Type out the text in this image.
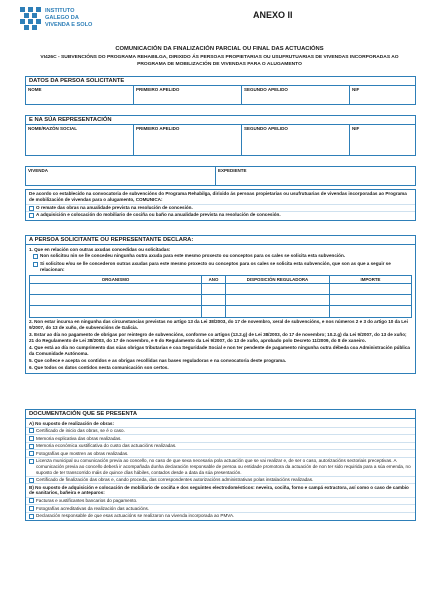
INSTITUTO
GALEGO DA
VIVENDA E SOLO
ANEXO II
COMUNICACIÓN DA FINALIZACIÓN PARCIAL OU FINAL DAS ACTUACIÓNS
VI426C - SUBVENCIÓNS DO PROGRAMA REHABILGA, DIRIXIDO ÁS PERSOAS PROPIETARIAS OU USUFRUTUARIAS DE VIVENDAS INCORPORADAS AO PROGRAMA DE MOBILIZACIÓN DE VIVENDAS PARA O ALUGAMENTO
DATOS DA PERSOA SOLICITANTE
NOME	PRIMEIRO APELIDO	SEGUNDO APELIDO	NIF
E NA SÚA REPRESENTACIÓN
NOME/RAZÓN SOCIAL	PRIMEIRO APELIDO	SEGUNDO APELIDO	NIF
VIVENDA	EXPEDIENTE
De acordo co establecido na convocatoria de subvencións do Programa Rehabilga, dirixido ás persoas propietarias ou usufrutuarias de vivendas incorporadas ao Programa de mobilización de vivendas para o alugamento, COMUNICA:
O remate das obras na anualidade prevista na resolución de concesión.
A adquisición e colocación do mobiliario de cociña ou baño na anualidade prevista na resolución de concesión.
A PERSOA SOLICITANTE OU REPRESENTANTE DECLARA:
1. Que en relación con outras axudas concedidas ou solicitadas:
Non solicitou nin se lle concedeu ningunha outra axuda para este mesmo proxecto ou conceptos para os cales se solicita esta subvención.
Si solicitou e/ou se lle concederon outras axudas para este mesmo proxecto ou conceptos para os cales se solicita esta subvención, que son as que a seguir se relacionan:
ORGANISMO	ANO	DISPOSICIÓN REGULADORA	IMPORTE
2. Non estar incursa en ningunha das circunstancias previstas no artigo 13 da Lei 38/2003, do 17 de novembro, xeral de subvencións, e nos números 2 e 3 do artigo 10 da Lei 9/2007, do 13 de xuño, de subvencións de Galicia.
3. Estar ao día no pagamento de obrigas por reintegro de subvencións, conforme co artigos (13.2.g) de Lei 38/2003, do 17 de novembro; 10.2.g) da Lei 9/2007, do 13 de xuño; 21 do Regulamento de Lei 38/2003, do 17 de novembro, e 9 do Regulamento da Lei 9/2007, do 13 de xuño, aprobado polo Decreto 11/2009, do 8 de xaneiro.
4. Que está ao día no cumprimento das súas obrigas tributarias e coa Seguridade Social e non ter pendente de pagamento ningunha outra débeda coa Administración pública da Comunidade Autónoma.
5. Que coñece e acepta os contidos e as obrigas recollidas nas bases reguladoras e na convocatoria deste programa.
6. Que todos os datos contidos nesta comunicación son certos.
DOCUMENTACIÓN QUE SE PRESENTA
A) No suposto de realización de obras:
Certificado de inicio das obras, se é o caso.
Memoria explicativa das obras realizadas.
Memoria económica xustificativa do custo das actuacións realizadas.
Fotografías que mostren as obras realizadas.
Licenza municipal ou comunicación previa ao concello, no caso de que sexa necesaria pola actuación que se vai realizar e, de ser o caso, autorizacións sectoriais preceptivas. A comunicación previa ao concello deberá ir acompañada dunha declaración responsable de persoa ou entidade promotora da actuación de non ter sido requirida para a súa emenda, no suposto de ter transcorrido máis de quince días hábiles, contados desde a data da súa presentación.
Certificado de finalización das obras e, cando proceda, das correspondentes autorizacións administrativas polas instalacións realizadas.
B) No suposto de adquisición e colocación de mobiliario de cociña e dos seguintes electrodomésticos: neveira, cociña, forno e campá extractora, así como o caso de cambio de sanitarios, bañeira e anteparos:
Facturas e xustificantes bancarios do pagamento.
Fotografías acreditativas da realización das actuacións.
Declaración responsable de que esas actuacións se realizaron na vivenda incorporada ao PMVA.
